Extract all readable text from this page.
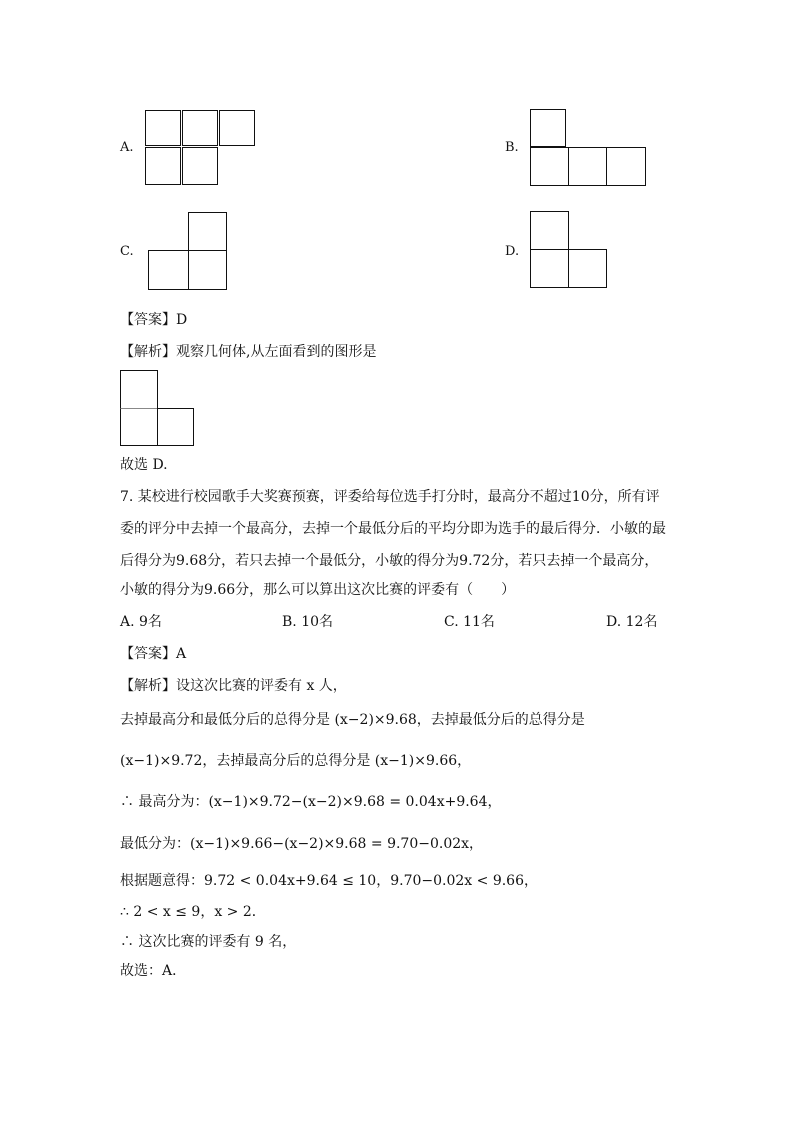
A.	B.
C.	D.
【答案】D
【解析】观察几何体,从左面看到的图形是
故选 D.
7. 某校进行校园歌手大奖赛预赛，评委给每位选手打分时，最高分不超过10分，所有评
委的评分中去掉一个最高分，去掉一个最低分后的平均分即为选手的最后得分．小敏的最
后得分为9.68分，若只去掉一个最低分，小敏的得分为9.72分，若只去掉一个最高分，
小敏的得分为9.66分，那么可以算出这次比赛的评委有（　　）
A. 9名	B. 10名	C. 11名	D. 12名
【答案】A
【解析】设这次比赛的评委有 x 人，
去掉最高分和最低分后的总得分是 (x−2)×9.68，去掉最低分后的总得分是
(x−1)×9.72，去掉最高分后的总得分是 (x−1)×9.66，
∴ 最高分为：(x−1)×9.72−(x−2)×9.68 = 0.04x+9.64，
最低分为：(x−1)×9.66−(x−2)×9.68 = 9.70−0.02x，
根据题意得：9.72 < 0.04x+9.64 ≤ 10，9.70−0.02x < 9.66，
∴ 2 < x ≤ 9，x > 2．
∴ 这次比赛的评委有 9 名，
故选：A．
